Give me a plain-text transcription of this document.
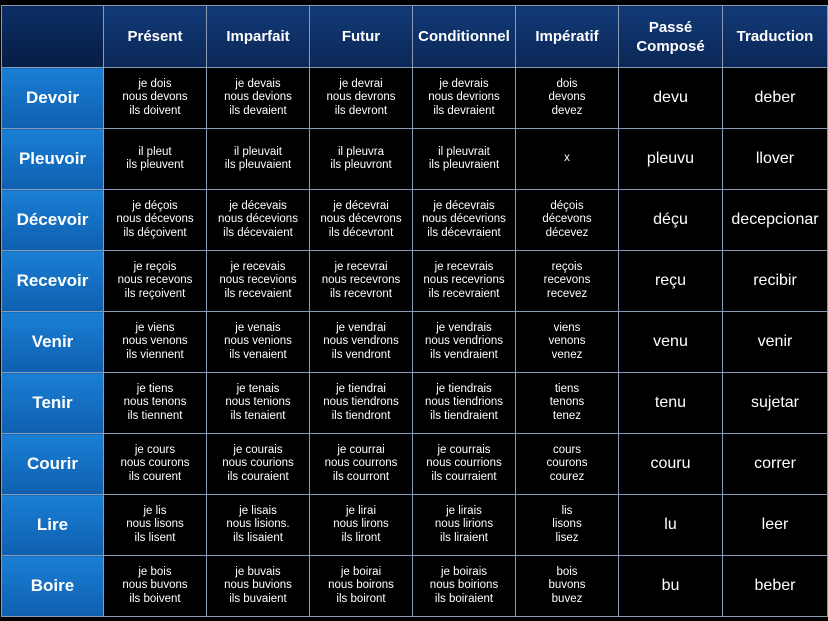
	Présent	Imparfait	Futur	Conditionnel	Impératif	Passé
Composé	Traduction

Devoir	je dois
nous devons
ils doivent	je devais
nous devions
ils devaient	je devrai
nous devrons
ils devront	je devrais
nous devrions
ils devraient	dois
devons
devez	devu	deber
Pleuvoir	il pleut
ils pleuvent	il pleuvait
ils pleuvaient	il pleuvra
ils pleuvront	il pleuvrait
ils pleuvraient	x	pleuvu	llover
Décevoir	je déçois
nous décevons
ils déçoivent	je décevais
nous décevions
ils décevaient	je décevrai
nous décevrons
ils décevront	je décevrais
nous décevrions
ils décevraient	déçois
décevons
décevez	déçu	decepcionar
Recevoir	je reçois
nous recevons
ils reçoivent	je recevais
nous recevions
ils recevaient	je recevrai
nous recevrons
ils recevront	je recevrais
nous recevrions
ils recevraient	reçois
recevons
recevez	reçu	recibir
Venir	je viens
nous venons
ils viennent	je venais
nous venions
ils venaient	je vendrai
nous vendrons
ils vendront	je vendrais
nous vendrions
ils vendraient	viens
venons
venez	venu	venir
Tenir	je tiens
nous tenons
ils tiennent	je tenais
nous tenions
ils tenaient	je tiendrai
nous tiendrons
ils tiendront	je tiendrais
nous tiendrions
ils tiendraient	tiens
tenons
tenez	tenu	sujetar
Courir	je cours
nous courons
ils courent	je courais
nous courions
ils couraient	je courrai
nous courrons
ils courront	je courrais
nous courrions
ils courraient	cours
courons
courez	couru	correr
Lire	je lis
nous lisons
ils lisent	je lisais
nous lisions.
ils lisaient	je lirai
nous lirons
ils liront	je lirais
nous lirions
ils liraient	lis
lisons
lisez	lu	leer
Boire	je bois
nous buvons
ils boivent	je buvais
nous buvions
ils buvaient	je boirai
nous boirons
ils boiront	je boirais
nous boirions
ils boiraient	bois
buvons
buvez	bu	beber
